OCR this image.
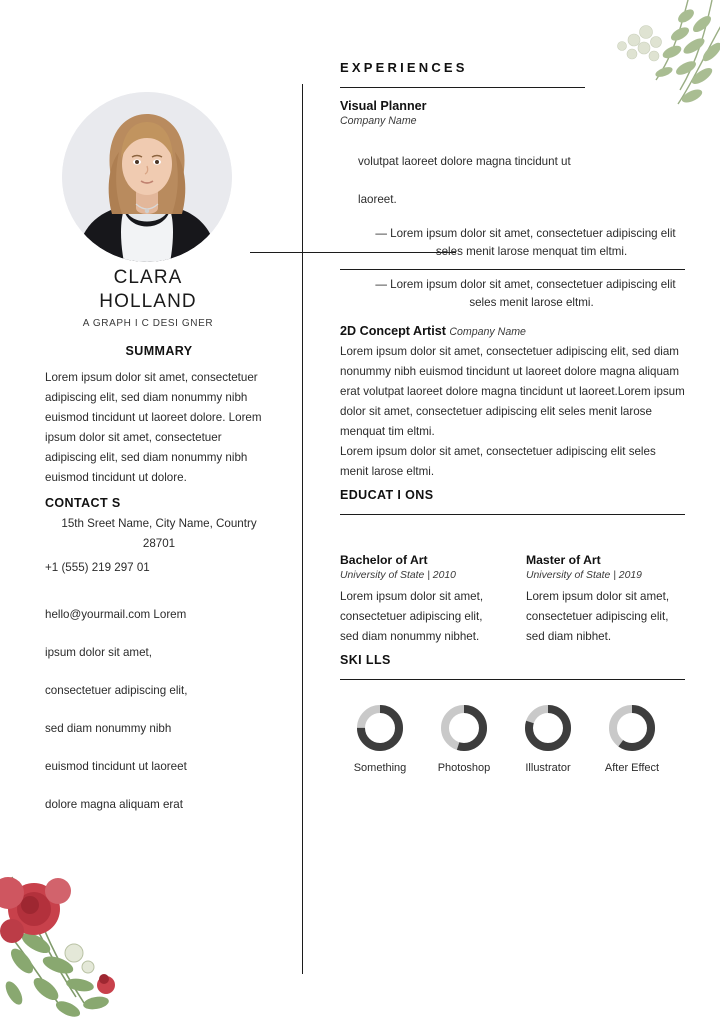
CLARA
HOLLAND
A GRAPH I C DESI GNER
SUMMARY
Lorem ipsum dolor sit amet, consectetuer adipiscing elit, sed diam nonummy nibh euismod tincidunt ut laoreet dolore. Lorem ipsum dolor sit amet, consectetuer adipiscing elit, sed diam nonummy nibh euismod tincidunt ut dolore.
CONTACT S
15th Sreet Name, City Name, Country 28701
+1 (555) 219 297 01
hello@yourmail.com Lorem
ipsum dolor sit amet,
consectetuer adipiscing elit,
sed diam nonummy nibh
euismod tincidunt ut laoreet
dolore magna aliquam erat
EXPERIENCES
Visual Planner
Company Name
volutpat laoreet dolore magna tincidunt ut
laoreet.
— Lorem ipsum dolor sit amet, consectetuer adipiscing elit seles menit larose menquat tim eltmi.
— Lorem ipsum dolor sit amet, consectetuer adipiscing elit seles menit larose eltmi.
2D Concept Artist Company Name
Lorem ipsum dolor sit amet, consectetuer adipiscing elit, sed diam nonummy nibh euismod tincidunt ut laoreet dolore magna aliquam erat volutpat laoreet dolore magna tincidunt ut laoreet.Lorem ipsum dolor sit amet, consectetuer adipiscing elit seles menit larose menquat tim eltmi.
Lorem ipsum dolor sit amet, consectetuer adipiscing elit seles menit larose eltmi.
EDUCAT I ONS
Bachelor of Art
University of State | 2010
Lorem ipsum dolor sit amet, consectetuer adipiscing elit, sed diam nonummy nibhet.
Master of Art
University of State | 2019
Lorem ipsum dolor sit amet, consectetuer adipiscing elit, sed diam nibhet.
SKI LLS
Something	Photoshop	Illustrator	After Effect
